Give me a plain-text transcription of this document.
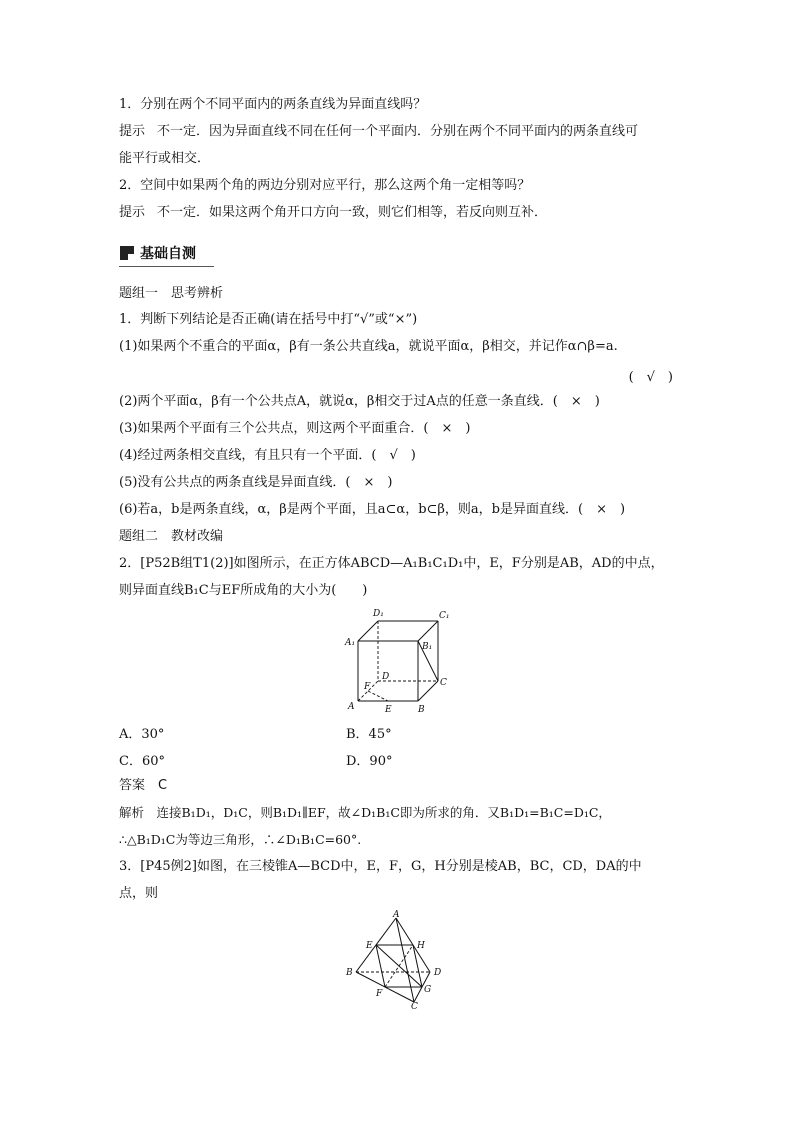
1．分别在两个不同平面内的两条直线为异面直线吗？
提示 不一定．因为异面直线不同在任何一个平面内．分别在两个不同平面内的两条直线可
能平行或相交．
2．空间中如果两个角的两边分别对应平行，那么这两个角一定相等吗？
提示 不一定．如果这两个角开口方向一致，则它们相等，若反向则互补．
基础自测
题组一　思考辨析
1．判断下列结论是否正确(请在括号中打“√”或“×”)
(1)如果两个不重合的平面α，β有一条公共直线a，就说平面α，β相交，并记作α∩β=a.
(　√　)
(2)两个平面α，β有一个公共点A，就说α，β相交于过A点的任意一条直线．(　×　)
(3)如果两个平面有三个公共点，则这两个平面重合．(　×　)
(4)经过两条相交直线，有且只有一个平面．(　√　)
(5)没有公共点的两条直线是异面直线．(　×　)
(6)若a，b是两条直线，α，β是两个平面，且a⊂α，b⊂β，则a，b是异面直线．(　×　)
题组二　教材改编
2．[P52B组T1(2)]如图所示，在正方体ABCD—A₁B₁C₁D₁中，E，F分别是AB，AD的中点，
则异面直线B₁C与EF所成角的大小为(　　)
D₁	C₁
A₁	B₁
D
C
F
A	E	B
A．30°	B．45°
C．60°	D．90°
答案　C
解析　连接B₁D₁，D₁C，则B₁D₁∥EF，故∠D₁B₁C即为所求的角．又B₁D₁=B₁C=D₁C，
∴△B₁D₁C为等边三角形，∴∠D₁B₁C=60°.
3．[P45例2]如图，在三棱锥A—BCD中，E，F，G，H分别是棱AB，BC，CD，DA的中
点，则
A
E	H
B	D
F	G
C
